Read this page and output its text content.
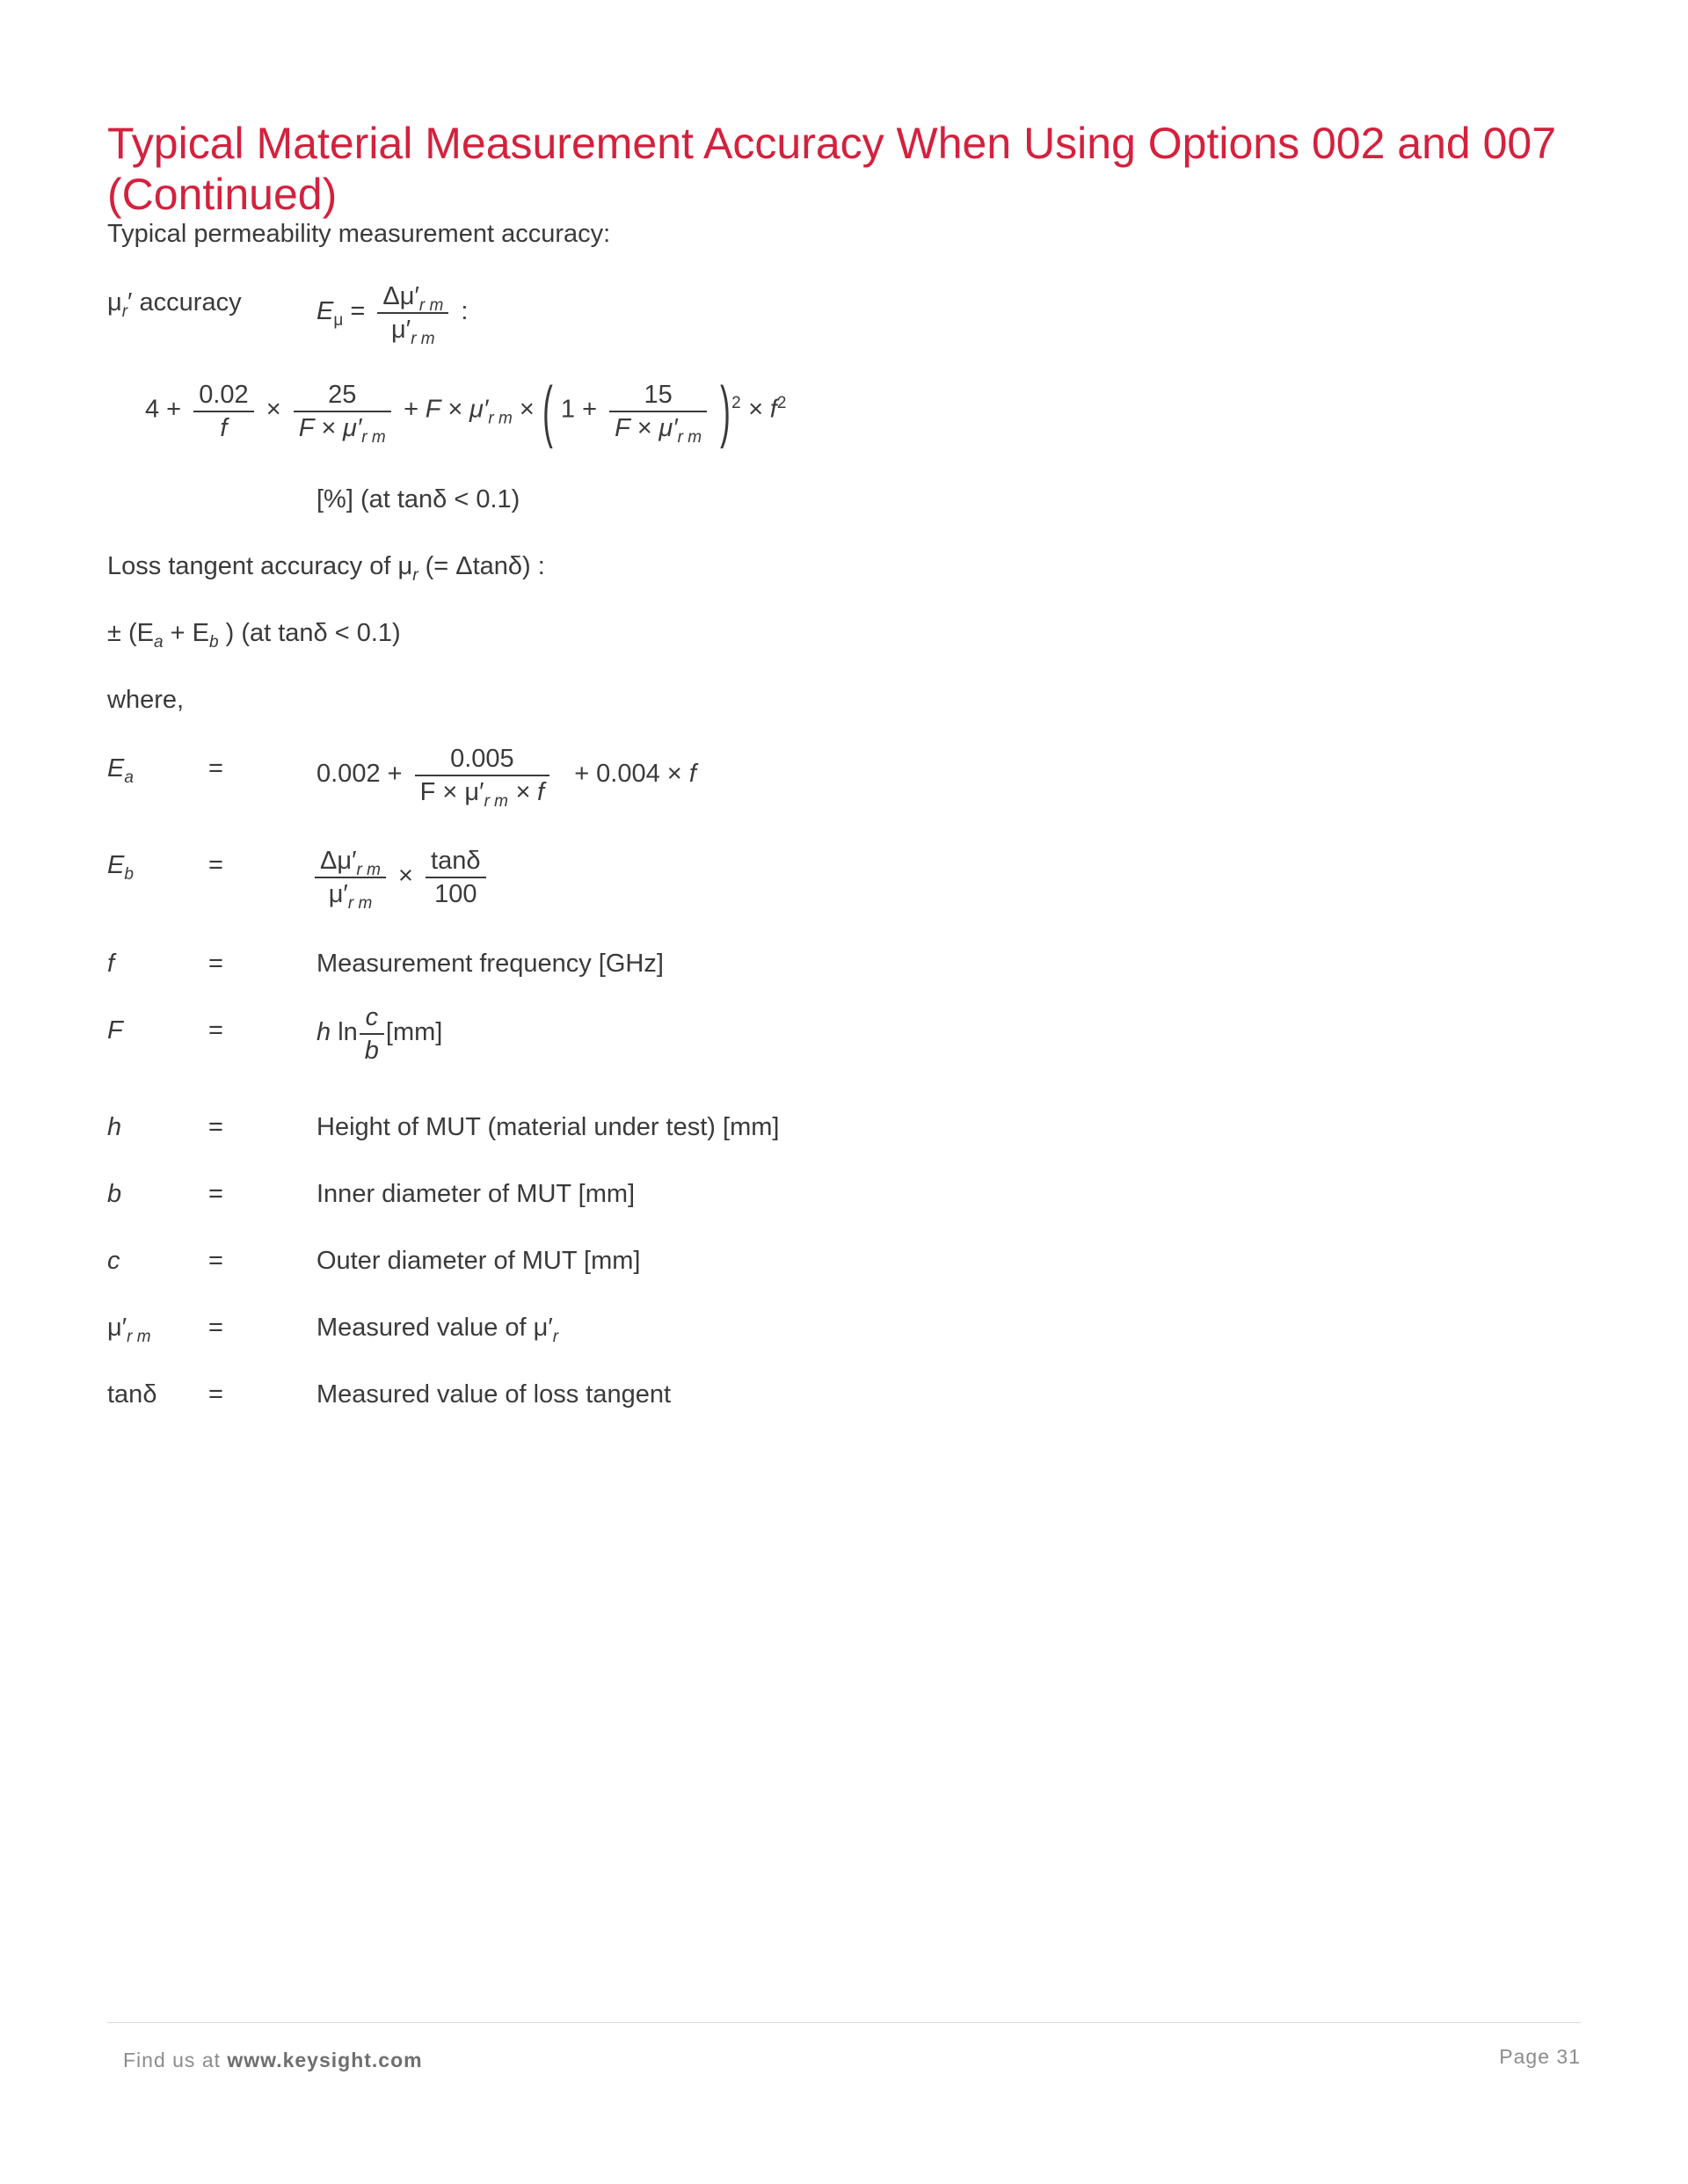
Typical Material Measurement Accuracy When Using Options 002 and 007 (Continued)
Typical permeability measurement accuracy:
$\mu_r'$ accuracy	$E_\mu = \frac{\Delta\mu'_{r m}}{\mu'_{r m}}$ :
$4 + \frac{0.02}{f} \times \frac{25}{F \times \mu'_{r m}} + F \times \mu'_{r m}$ × ( $1 + \frac{15}{F \times \mu'_{r m}} )^2 \times f^2$
[%] (at tanδ < 0.1)
Loss tangent accuracy of $\mu_r$ (= Δtanδ) :
± ($E_a + E_b$ ) (at tanδ < 0.1)
where,
$E_a$	=	$0.002 + \frac{0.005}{F \times \mu'_{r m} \times f} + 0.004 \times f$
$E_b$	=	$\frac{\Delta\mu'_{r m}}{\mu'_{r m}} \times \frac{\tan\delta}{100}$
f	=	Measurement frequency [GHz]
F	=	h $\ln \frac{c}{b} [mm]$
h	=	Height of MUT (material under test) [mm]
b	=	Inner diameter of MUT [mm]
c	=	Outer diameter of MUT [mm]
$\mu'_{r m}$ =	Measured value of $\mu'_r$
tanδ =	Measured value of loss tangent
Find us at www.keysight.com	Page 31
